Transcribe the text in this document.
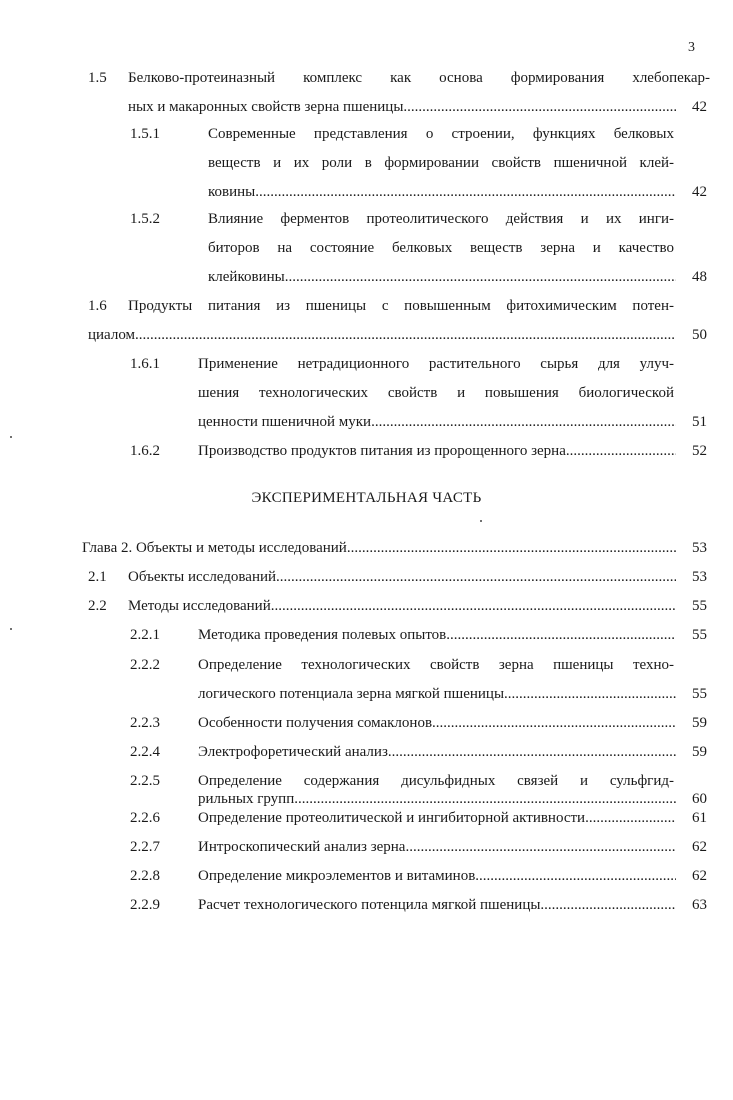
3
1.5 Белково-протеиназный комплекс как основа формирования хлебопекар-
ных и макаронных свойств зерна пшеницы .....	42
1.5.1	Современные представления о строении, функциях белковых
веществ и их роли в формировании свойств пшеничной клей-
ковины .....	42
1.5.2	Влияние ферментов протеолитического действия и их инги-
биторов на состояние белковых веществ зерна и качество
клейковины .....	48
1.6 Продукты питания из пшеницы с повышенным фитохимическим потен-
циалом .....	50
1.6.1	Применение нетрадиционного растительного сырья для улуч-
шения технологических свойств и повышения биологической
ценности пшеничной муки .....	51
1.6.2	Производство продуктов питания из пророщенного зерна .....	52
ЭКСПЕРИМЕНТАЛЬНАЯ ЧАСТЬ
Глава 2. Объекты и методы исследований .....	53
2.1 Объекты исследований .....	53
2.2 Методы исследований .....	55
2.2.1	Методика проведения полевых опытов .....	55
2.2.2	Определение технологических свойств зерна пшеницы техно-
логического потенциала зерна мягкой пшеницы .....	55
2.2.3	Особенности получения сомаклонов .....	59
2.2.4	Электрофоретический анализ .....	59
2.2.5	Определение содержания дисульфидных связей и сульфгид-
рильных групп .....	60
2.2.6	Определение протеолитической и ингибиторной активности .....	61
2.2.7	Интроскопический анализ зерна .....	62
2.2.8	Определение микроэлементов и витаминов .....	62
2.2.9	Расчет технологического потенцила мягкой пшеницы .....	63
